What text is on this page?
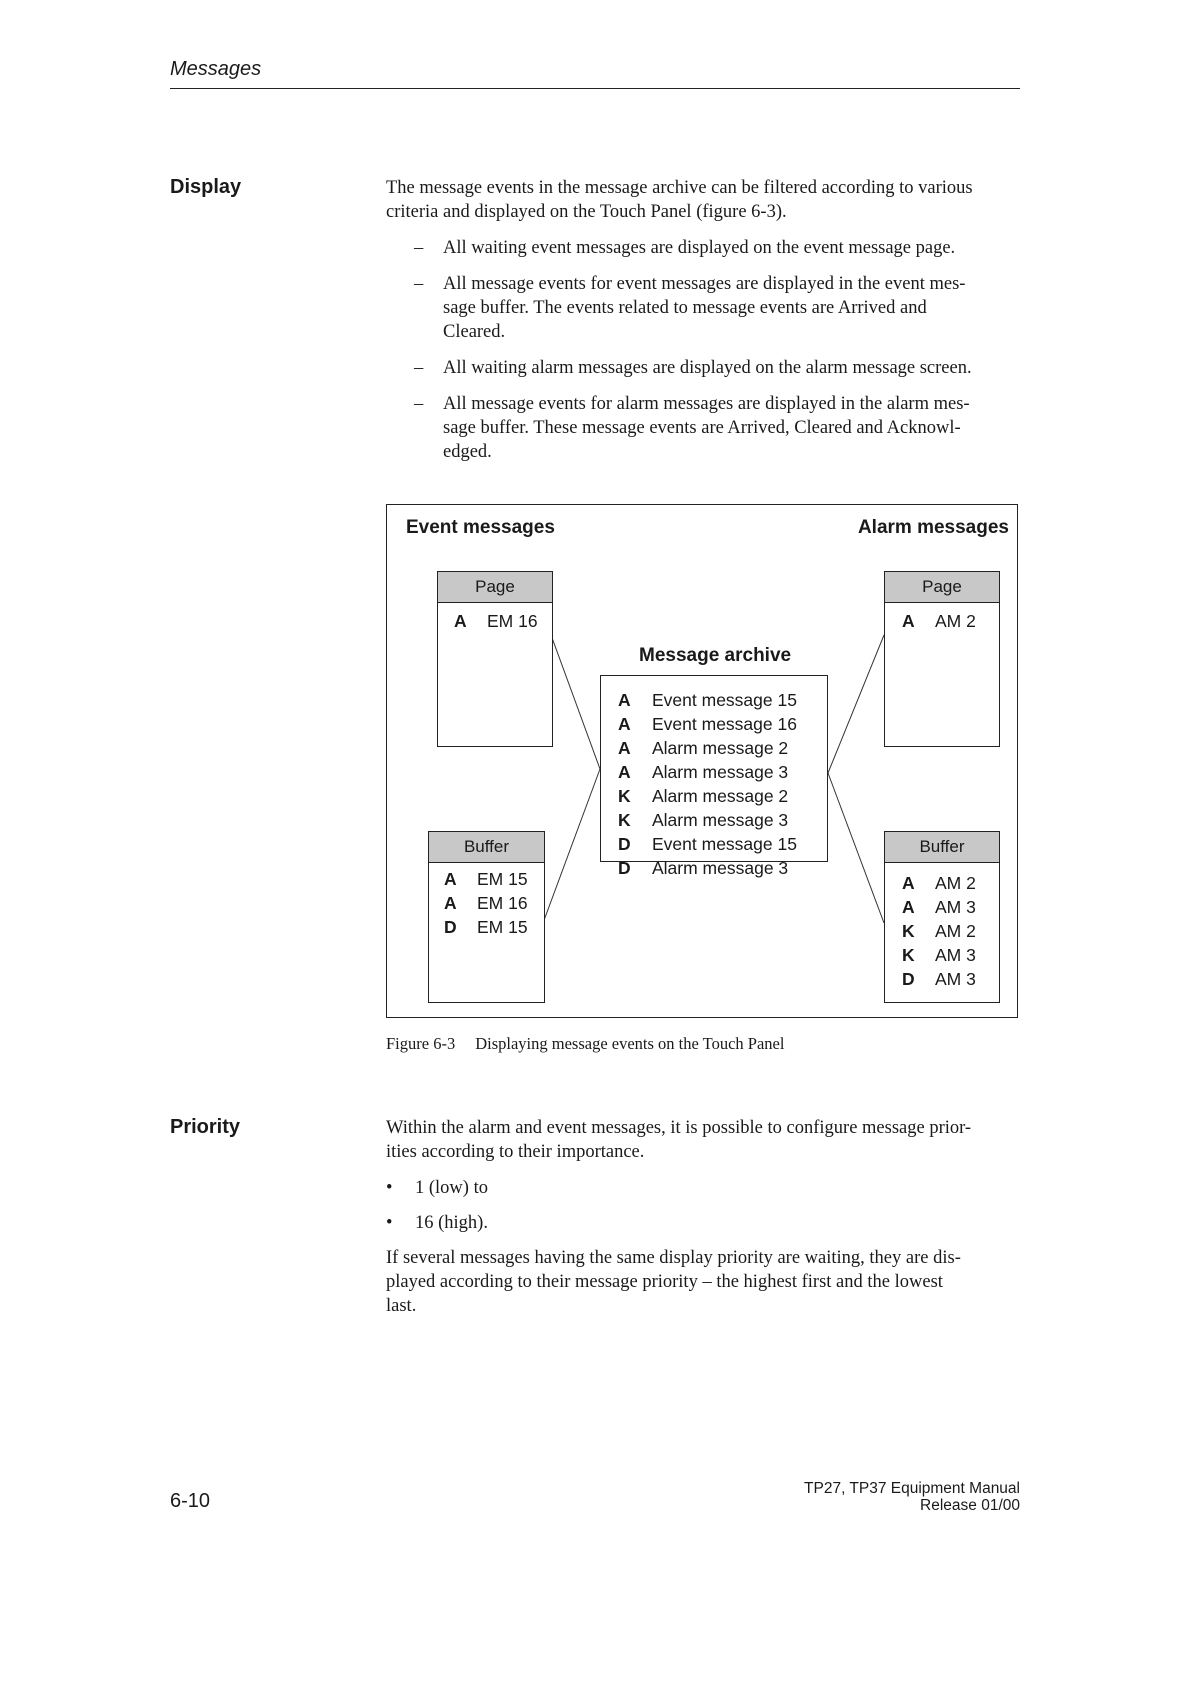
Messages
Display	The message events in the message archive can be filtered according to various
criteria and displayed on the Touch Panel (figure 6-3).
– All waiting event messages are displayed on the event message page.
– All message events for event messages are displayed in the event mes-
sage buffer. The events related to message events are Arrived and
Cleared.
– All waiting alarm messages are displayed on the alarm message screen.
– All message events for alarm messages are displayed in the alarm mes-
sage buffer. These message events are Arrived, Cleared and Acknowl-
edged.
Event messages	Alarm messages
Message archive
Page
A EM 16
Buffer
A EM 15
A EM 16
D EM 15
A Event message 15
A Event message 16
A Alarm message 2
A Alarm message 3
K Alarm message 2
K Alarm message 3
D Event message 15
D Alarm message 3
Page
A AM 2
Buffer
A AM 2
A AM 3
K AM 2
K AM 3
D AM 3
Figure 6-3 Displaying message events on the Touch Panel
Priority	Within the alarm and event messages, it is possible to configure message prior-
ities according to their importance.
• 1 (low) to
• 16 (high).
If several messages having the same display priority are waiting, they are dis-
played according to their message priority – the highest first and the lowest
last.
6-10
TP27, TP37 Equipment Manual
Release 01/00
